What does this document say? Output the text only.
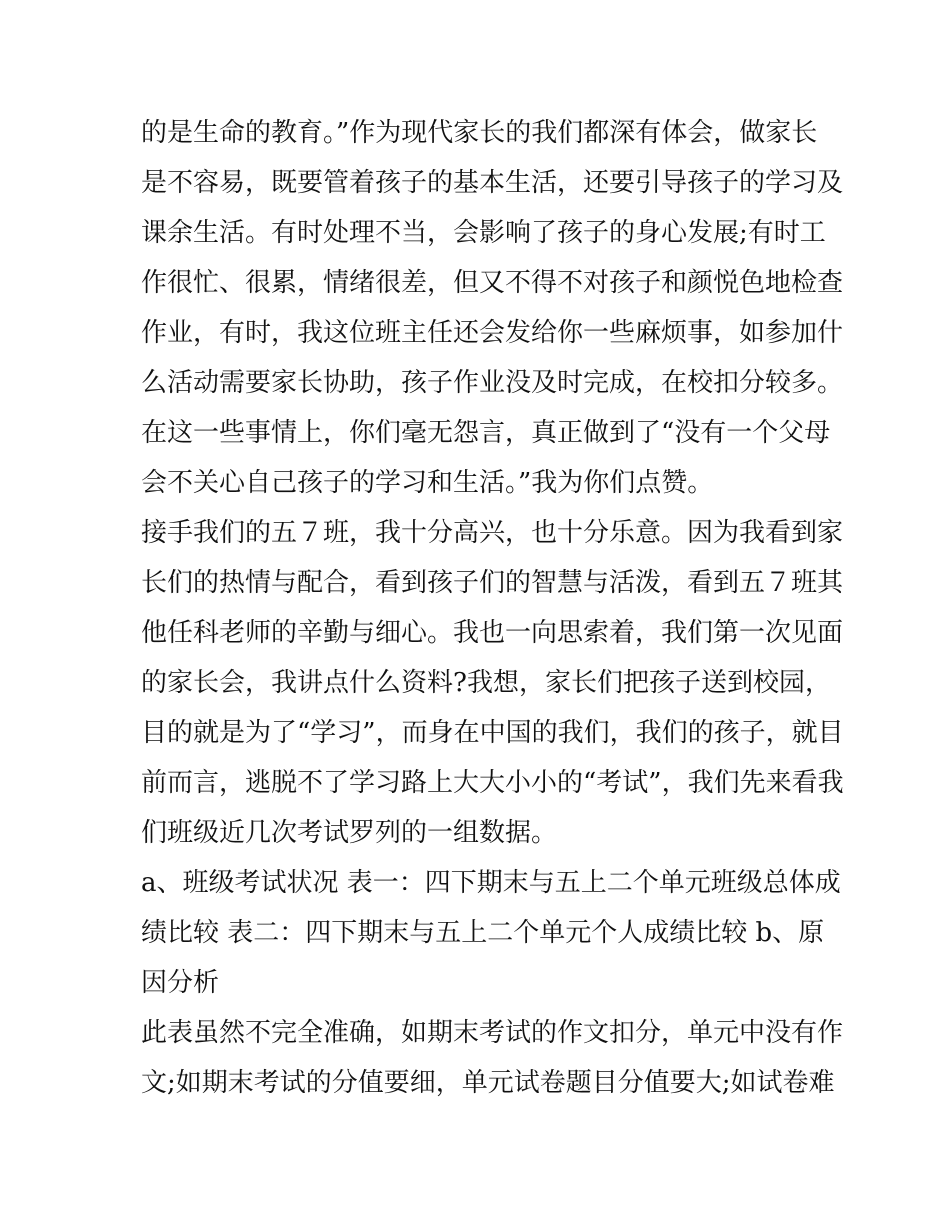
的是生命的教育。”作为现代家长的我们都深有体会，做家长
是不容易，既要管着孩子的基本生活，还要引导孩子的学习及
课余生活。有时处理不当，会影响了孩子的身心发展;有时工
作很忙、很累，情绪很差，但又不得不对孩子和颜悦色地检查
作业，有时，我这位班主任还会发给你一些麻烦事，如参加什
么活动需要家长协助，孩子作业没及时完成，在校扣分较多。
在这一些事情上，你们毫无怨言，真正做到了“没有一个父母
会不关心自己孩子的学习和生活。”我为你们点赞。
接手我们的五７班，我十分高兴，也十分乐意。因为我看到家
长们的热情与配合，看到孩子们的智慧与活泼，看到五７班其
他任科老师的辛勤与细心。我也一向思索着，我们第一次见面
的家长会，我讲点什么资料?我想，家长们把孩子送到校园，
目的就是为了“学习”，而身在中国的我们，我们的孩子，就目
前而言，逃脱不了学习路上大大小小的“考试”，我们先来看我
们班级近几次考试罗列的一组数据。
a、班级考试状况 表一：四下期末与五上二个单元班级总体成
绩比较 表二：四下期末与五上二个单元个人成绩比较 b、原
因分析
此表虽然不完全准确，如期末考试的作文扣分，单元中没有作
文;如期末考试的分值要细，单元试卷题目分值要大;如试卷难
